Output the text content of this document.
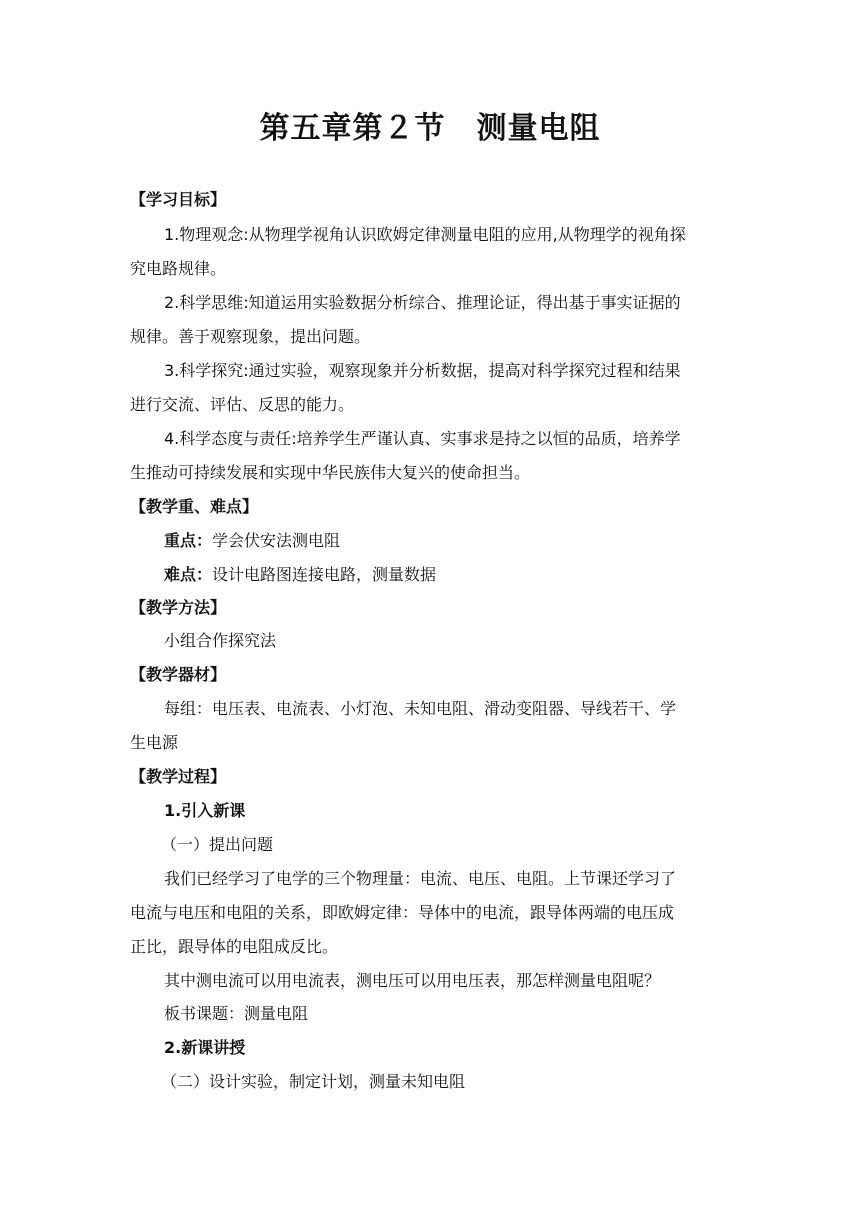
第五章第２节　测量电阻
【学习目标】
1.物理观念:从物理学视角认识欧姆定律测量电阻的应用,从物理学的视角探
究电路规律。
2.科学思维:知道运用实验数据分析综合、推理论证，得出基于事实证据的
规律。善于观察现象，提出问题。
3.科学探究:通过实验，观察现象并分析数据，提高对科学探究过程和结果
进行交流、评估、反思的能力。
4.科学态度与责任:培养学生严谨认真、实事求是持之以恒的品质，培养学
生推动可持续发展和实现中华民族伟大复兴的使命担当。
【教学重、难点】
重点：学会伏安法测电阻
难点：设计电路图连接电路，测量数据
【教学方法】
小组合作探究法
【教学器材】
每组：电压表、电流表、小灯泡、未知电阻、滑动变阻器、导线若干、学
生电源
【教学过程】
1.引入新课
（一）提出问题
我们已经学习了电学的三个物理量：电流、电压、电阻。上节课还学习了
电流与电压和电阻的关系，即欧姆定律：导体中的电流，跟导体两端的电压成
正比，跟导体的电阻成反比。
其中测电流可以用电流表，测电压可以用电压表，那怎样测量电阻呢？
板书课题：测量电阻
2.新课讲授
（二）设计实验，制定计划，测量未知电阻
